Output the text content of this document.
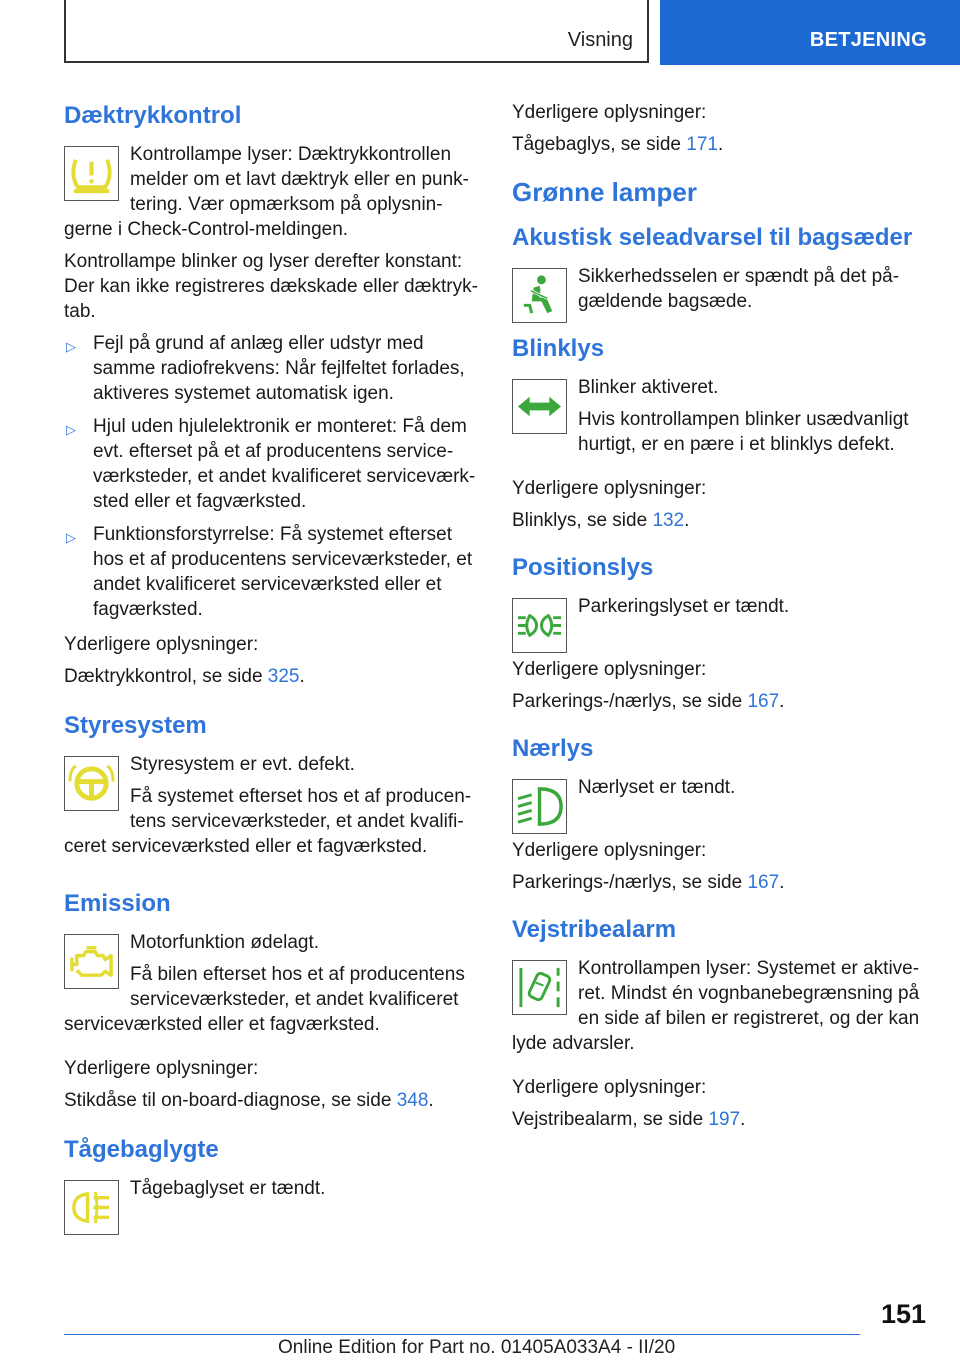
Visning	BETJENING
Dæktrykkontrol

Kontrollampe lyser: Dæktrykkontrollen melder om et lavt dæktryk eller en punktering. Vær opmærksom på oplysningerne i Check-Control-meldingen.

Kontrollampe blinker og lyser derefter konstant: Der kan ikke registreres dækskade eller dæktryktab.

▷ Fejl på grund af anlæg eller udstyr med samme radiofrekvens: Når fejlfeltet forlades, aktiveres systemet automatisk igen.
▷ Hjul uden hjulelektronik er monteret: Få dem evt. efterset på et af producentens serviceværksteder, et andet kvalificeret serviceværksted eller et fagværksted.
▷ Funktionsforstyrrelse: Få systemet efterset hos et af producentens serviceværksteder, et andet kvalificeret serviceværksted eller et fagværksted.

Yderligere oplysninger:

Dæktrykkontrol, se side 325.

Styresystem

Styresystem er evt. defekt.

Få systemet efterset hos et af producentens serviceværksteder, et andet kvalificeret serviceværksted eller et fagværksted.

Emission

Motorfunktion ødelagt.

Få bilen efterset hos et af producentens serviceværksteder, et andet kvalificeret serviceværksted eller et fagværksted.

Yderligere oplysninger:

Stikdåse til on-board-diagnose, se side 348.

Tågebaglygte

Tågebaglyset er tændt.

Yderligere oplysninger:

Tågebaglys, se side 171.

Grønne lamper
Akustisk seleadvarsel til bagsæder

Sikkerhedsselen er spændt på det pågældende bagsæde.

Blinklys

Blinker aktiveret.

Hvis kontrollampen blinker usædvanligt hurtigt, er en pære i et blinklys defekt.

Yderligere oplysninger:

Blinklys, se side 132.

Positionslys

Parkeringslyset er tændt.

Yderligere oplysninger:

Parkerings-/nærlys, se side 167.

Nærlys

Nærlyset er tændt.

Yderligere oplysninger:

Parkerings-/nærlys, se side 167.

Vejstribealarm

Kontrollampen lyser: Systemet er aktiveret. Mindst én vognbanebegrænsning på en side af bilen er registreret, og der kan lyde advarsler.

Yderligere oplysninger:

Vejstribealarm, se side 197.

151
Online Edition for Part no. 01405A033A4 - II/20
